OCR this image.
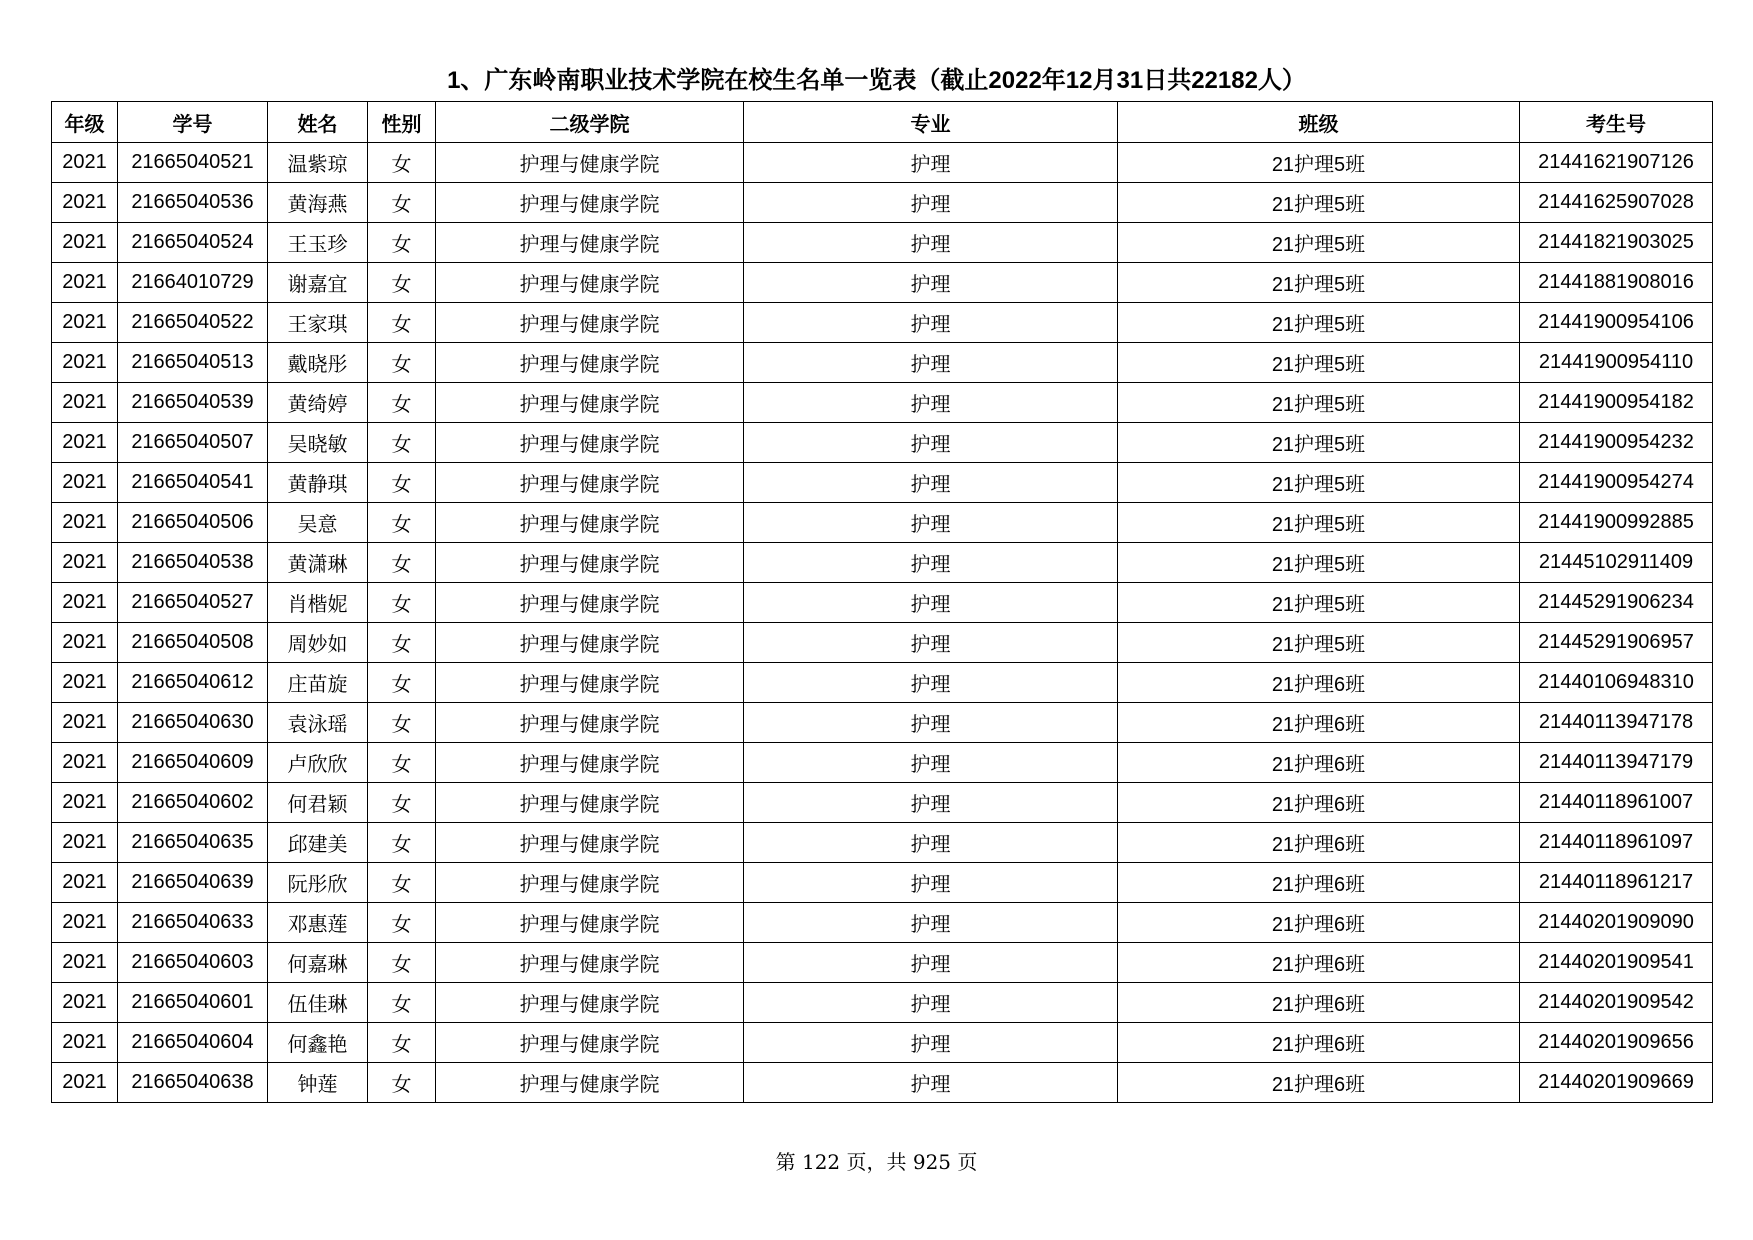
1、广东岭南职业技术学院在校生名单一览表（截止2022年12月31日共22182人）
年级	学号	姓名	性别	二级学院	专业	班级	考生号
2021	21665040521	温紫琼	女	护理与健康学院	护理	21护理5班	21441621907126
2021	21665040536	黄海燕	女	护理与健康学院	护理	21护理5班	21441625907028
2021	21665040524	王玉珍	女	护理与健康学院	护理	21护理5班	21441821903025
2021	21664010729	谢嘉宜	女	护理与健康学院	护理	21护理5班	21441881908016
2021	21665040522	王家琪	女	护理与健康学院	护理	21护理5班	21441900954106
2021	21665040513	戴晓彤	女	护理与健康学院	护理	21护理5班	21441900954110
2021	21665040539	黄绮婷	女	护理与健康学院	护理	21护理5班	21441900954182
2021	21665040507	吴晓敏	女	护理与健康学院	护理	21护理5班	21441900954232
2021	21665040541	黄静琪	女	护理与健康学院	护理	21护理5班	21441900954274
2021	21665040506	吴意	女	护理与健康学院	护理	21护理5班	21441900992885
2021	21665040538	黄潇琳	女	护理与健康学院	护理	21护理5班	21445102911409
2021	21665040527	肖楷妮	女	护理与健康学院	护理	21护理5班	21445291906234
2021	21665040508	周妙如	女	护理与健康学院	护理	21护理5班	21445291906957
2021	21665040612	庄苗旋	女	护理与健康学院	护理	21护理6班	21440106948310
2021	21665040630	袁泳瑶	女	护理与健康学院	护理	21护理6班	21440113947178
2021	21665040609	卢欣欣	女	护理与健康学院	护理	21护理6班	21440113947179
2021	21665040602	何君颖	女	护理与健康学院	护理	21护理6班	21440118961007
2021	21665040635	邱建美	女	护理与健康学院	护理	21护理6班	21440118961097
2021	21665040639	阮彤欣	女	护理与健康学院	护理	21护理6班	21440118961217
2021	21665040633	邓惠莲	女	护理与健康学院	护理	21护理6班	21440201909090
2021	21665040603	何嘉琳	女	护理与健康学院	护理	21护理6班	21440201909541
2021	21665040601	伍佳琳	女	护理与健康学院	护理	21护理6班	21440201909542
2021	21665040604	何鑫艳	女	护理与健康学院	护理	21护理6班	21440201909656
2021	21665040638	钟莲	女	护理与健康学院	护理	21护理6班	21440201909669
第 122 页，共 925 页
